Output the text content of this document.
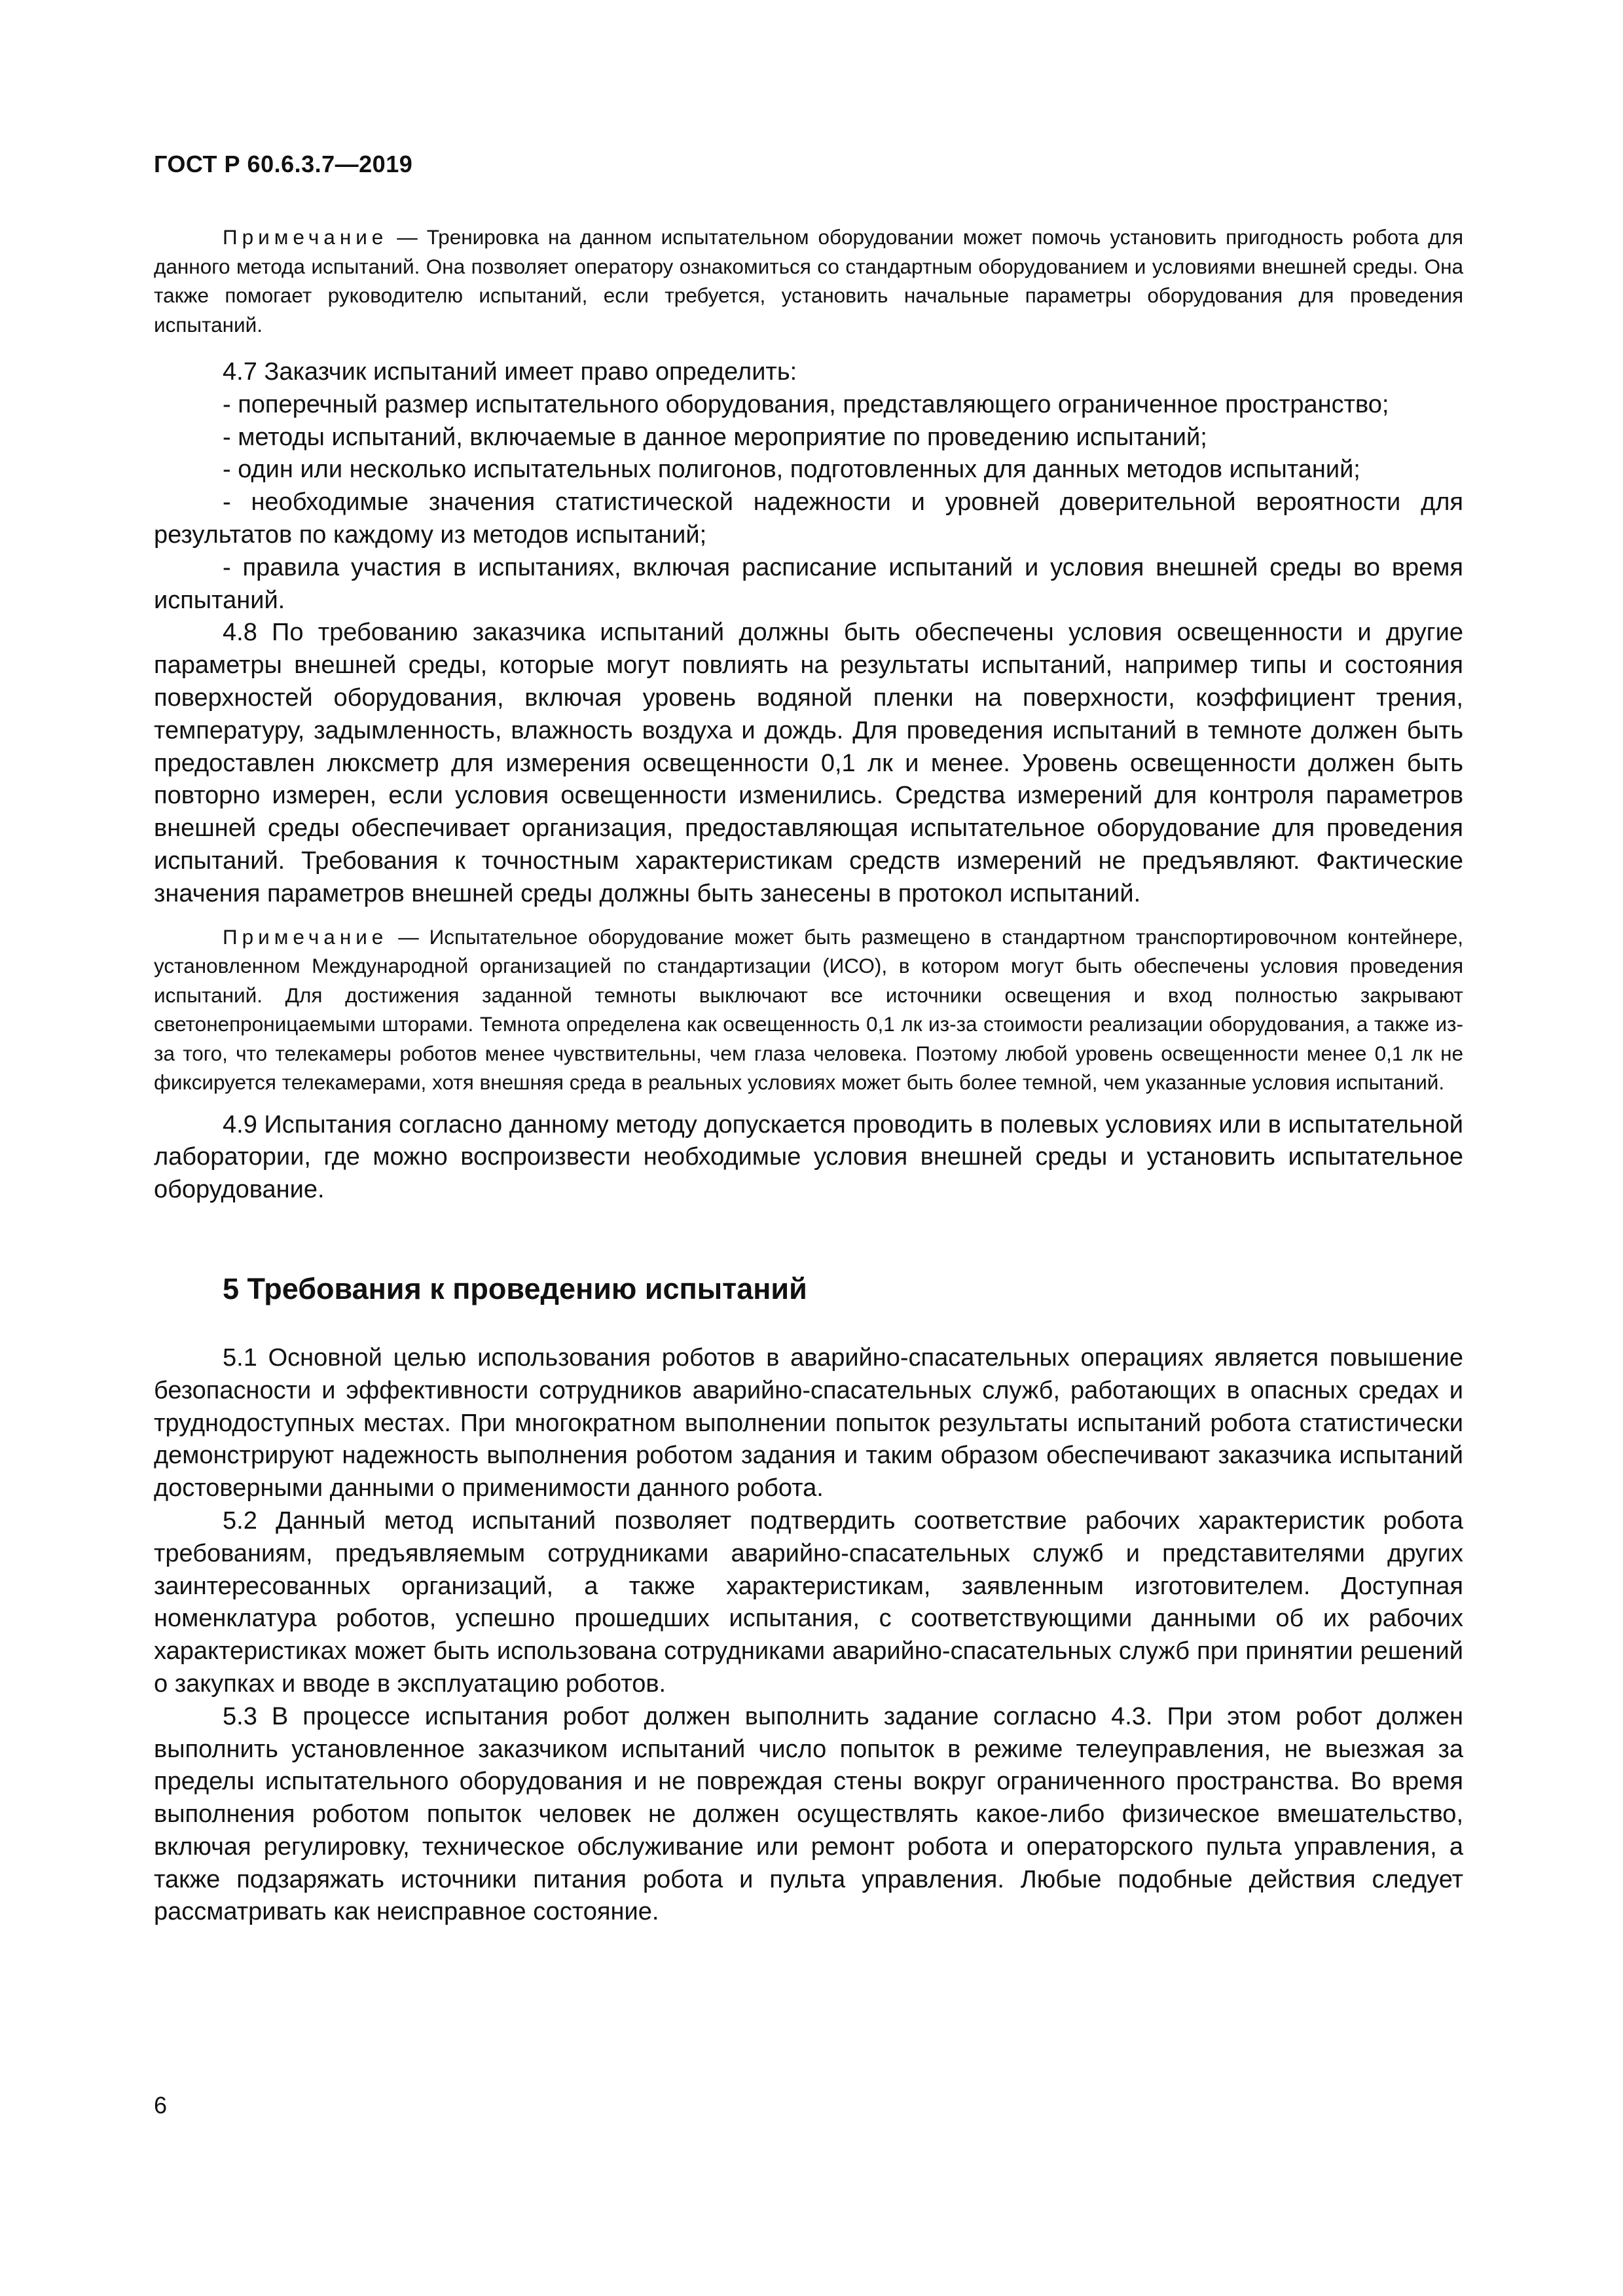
ГОСТ Р 60.6.3.7—2019

Примечание — Тренировка на данном испытательном оборудовании может помочь установить пригодность робота для данного метода испытаний. Она позволяет оператору ознакомиться со стандартным оборудованием и условиями внешней среды. Она также помогает руководителю испытаний, если требуется, установить начальные параметры оборудования для проведения испытаний.

4.7 Заказчик испытаний имеет право определить:

- поперечный размер испытательного оборудования, представляющего ограниченное пространство;

- методы испытаний, включаемые в данное мероприятие по проведению испытаний;

- один или несколько испытательных полигонов, подготовленных для данных методов испытаний;

- необходимые значения статистической надежности и уровней доверительной вероятности для результатов по каждому из методов испытаний;

- правила участия в испытаниях, включая расписание испытаний и условия внешней среды во время испытаний.

4.8 По требованию заказчика испытаний должны быть обеспечены условия освещенности и другие параметры внешней среды, которые могут повлиять на результаты испытаний, например типы и состояния поверхностей оборудования, включая уровень водяной пленки на поверхности, коэффициент трения, температуру, задымленность, влажность воздуха и дождь. Для проведения испытаний в темноте должен быть предоставлен люксметр для измерения освещенности 0,1 лк и менее. Уровень освещенности должен быть повторно измерен, если условия освещенности изменились. Средства измерений для контроля параметров внешней среды обеспечивает организация, предоставляющая испытательное оборудование для проведения испытаний. Требования к точностным характеристикам средств измерений не предъявляют. Фактические значения параметров внешней среды должны быть занесены в протокол испытаний.

Примечание — Испытательное оборудование может быть размещено в стандартном транспортировочном контейнере, установленном Международной организацией по стандартизации (ИСО), в котором могут быть обеспечены условия проведения испытаний. Для достижения заданной темноты выключают все источники освещения и вход полностью закрывают светонепроницаемыми шторами. Темнота определена как освещенность 0,1 лк из-за стоимости реализации оборудования, а также из-за того, что телекамеры роботов менее чувствительны, чем глаза человека. Поэтому любой уровень освещенности менее 0,1 лк не фиксируется телекамерами, хотя внешняя среда в реальных условиях может быть более темной, чем указанные условия испытаний.

4.9 Испытания согласно данному методу допускается проводить в полевых условиях или в испытательной лаборатории, где можно воспроизвести необходимые условия внешней среды и установить испытательное оборудование.

5 Требования к проведению испытаний

5.1 Основной целью использования роботов в аварийно-спасательных операциях является повышение безопасности и эффективности сотрудников аварийно-спасательных служб, работающих в опасных средах и труднодоступных местах. При многократном выполнении попыток результаты испытаний робота статистически демонстрируют надежность выполнения роботом задания и таким образом обеспечивают заказчика испытаний достоверными данными о применимости данного робота.

5.2 Данный метод испытаний позволяет подтвердить соответствие рабочих характеристик робота требованиям, предъявляемым сотрудниками аварийно-спасательных служб и представителями других заинтересованных организаций, а также характеристикам, заявленным изготовителем. Доступная номенклатура роботов, успешно прошедших испытания, с соответствующими данными об их рабочих характеристиках может быть использована сотрудниками аварийно-спасательных служб при принятии решений о закупках и вводе в эксплуатацию роботов.

5.3 В процессе испытания робот должен выполнить задание согласно 4.3. При этом робот должен выполнить установленное заказчиком испытаний число попыток в режиме телеуправления, не выезжая за пределы испытательного оборудования и не повреждая стены вокруг ограниченного пространства. Во время выполнения роботом попыток человек не должен осуществлять какое-либо физическое вмешательство, включая регулировку, техническое обслуживание или ремонт робота и операторского пульта управления, а также подзаряжать источники питания робота и пульта управления. Любые подобные действия следует рассматривать как неисправное состояние.

6
